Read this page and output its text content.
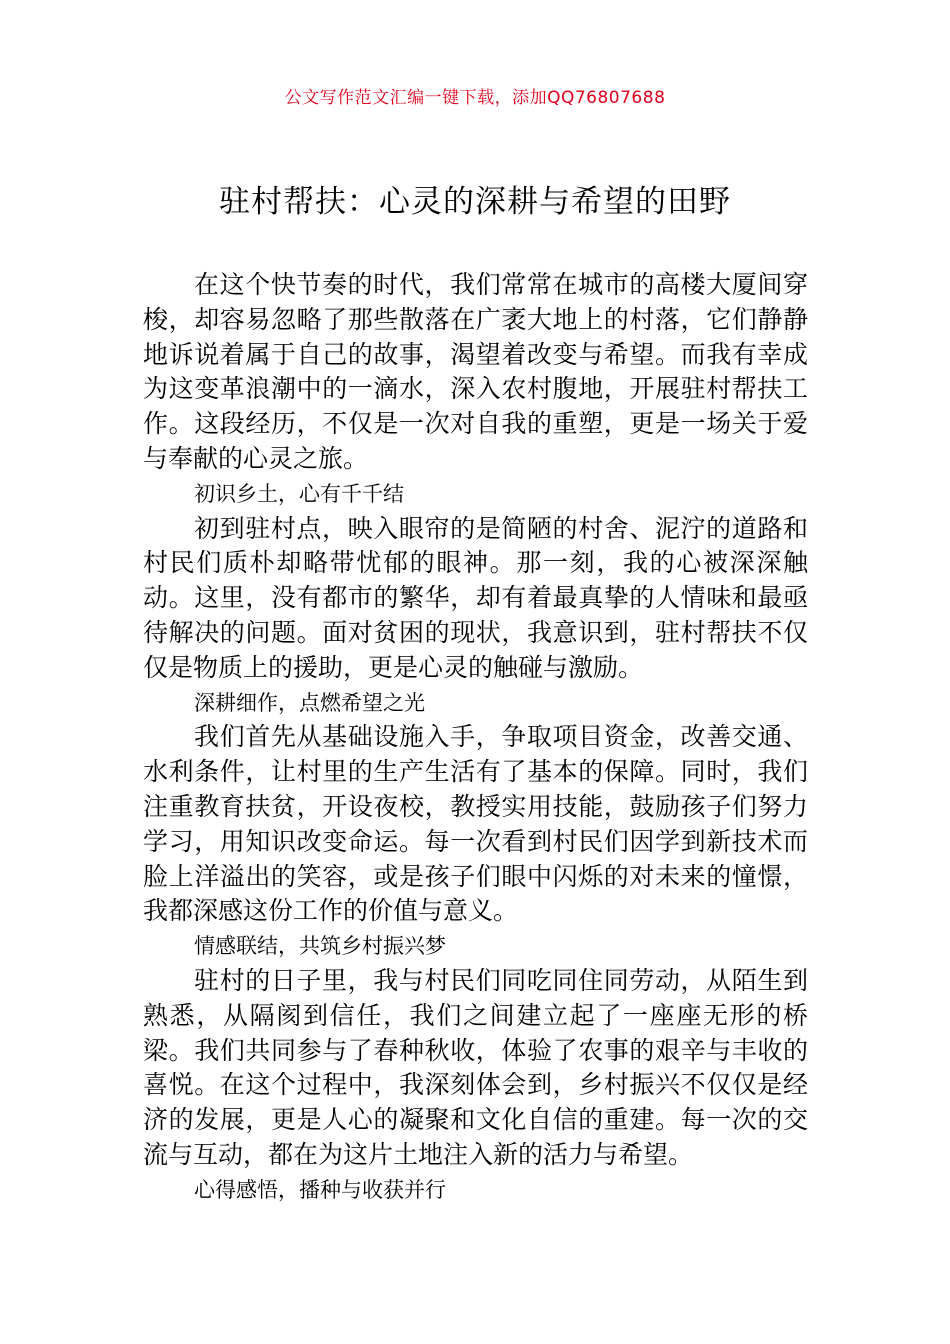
公文写作范文汇编一键下载，添加QQ76807688
驻村帮扶：心灵的深耕与希望的田野

在这个快节奏的时代，我们常常在城市的高楼大厦间穿梭，却容易忽略了那些散落在广袤大地上的村落，它们静静地诉说着属于自己的故事，渴望着改变与希望。而我有幸成为这变革浪潮中的一滴水，深入农村腹地，开展驻村帮扶工作。这段经历，不仅是一次对自我的重塑，更是一场关于爱与奉献的心灵之旅。

初识乡土，心有千千结

初到驻村点，映入眼帘的是简陋的村舍、泥泞的道路和村民们质朴却略带忧郁的眼神。那一刻，我的心被深深触动。这里，没有都市的繁华，却有着最真挚的人情味和最亟待解决的问题。面对贫困的现状，我意识到，驻村帮扶不仅仅是物质上的援助，更是心灵的触碰与激励。

深耕细作，点燃希望之光

我们首先从基础设施入手，争取项目资金，改善交通、水利条件，让村里的生产生活有了基本的保障。同时，我们注重教育扶贫，开设夜校，教授实用技能，鼓励孩子们努力学习，用知识改变命运。每一次看到村民们因学到新技术而脸上洋溢出的笑容，或是孩子们眼中闪烁的对未来的憧憬，我都深感这份工作的价值与意义。

情感联结，共筑乡村振兴梦

驻村的日子里，我与村民们同吃同住同劳动，从陌生到熟悉，从隔阂到信任，我们之间建立起了一座座无形的桥梁。我们共同参与了春种秋收，体验了农事的艰辛与丰收的喜悦。在这个过程中，我深刻体会到，乡村振兴不仅仅是经济的发展，更是人心的凝聚和文化自信的重建。每一次的交流与互动，都在为这片土地注入新的活力与希望。

心得感悟，播种与收获并行
